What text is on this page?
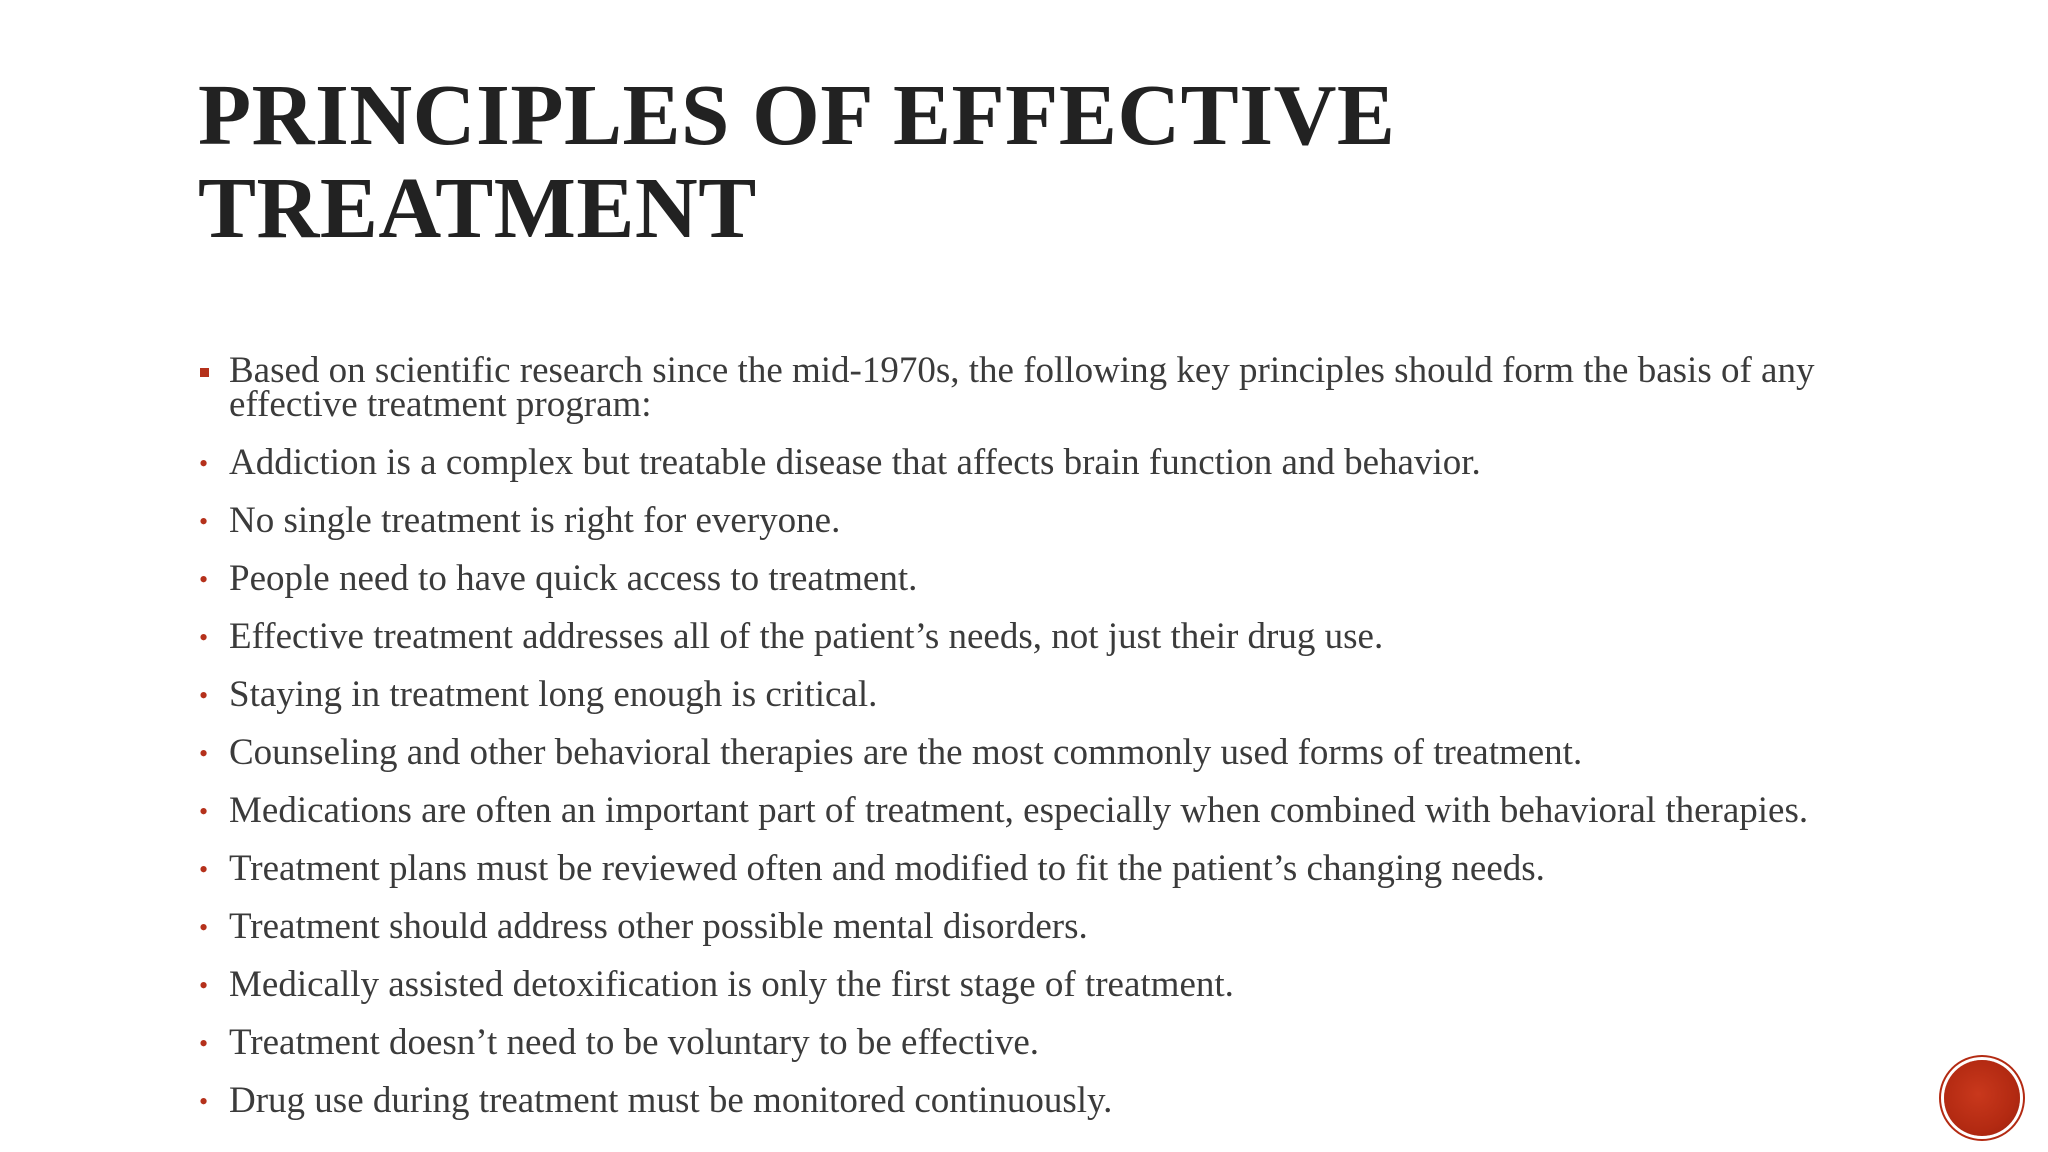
PRINCIPLES OF EFFECTIVE
TREATMENT
Based on scientific research since the mid-1970s, the following key principles should form the basis of any effective treatment program:
• Addiction is a complex but treatable disease that affects brain function and behavior.
• No single treatment is right for everyone.
• People need to have quick access to treatment.
• Effective treatment addresses all of the patient’s needs, not just their drug use.
• Staying in treatment long enough is critical.
• Counseling and other behavioral therapies are the most commonly used forms of treatment.
• Medications are often an important part of treatment, especially when combined with behavioral therapies.
• Treatment plans must be reviewed often and modified to fit the patient’s changing needs.
• Treatment should address other possible mental disorders.
• Medically assisted detoxification is only the first stage of treatment.
• Treatment doesn’t need to be voluntary to be effective.
• Drug use during treatment must be monitored continuously.
